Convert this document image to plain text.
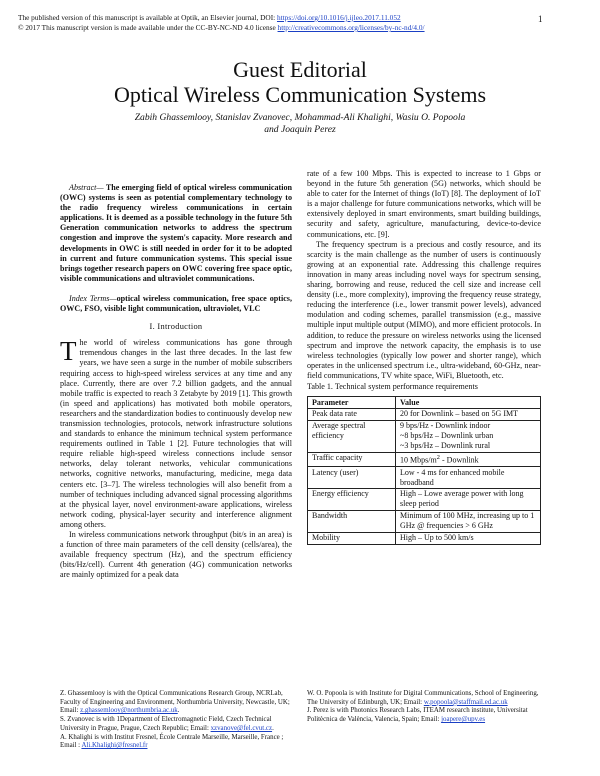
The published version of this manuscript is available at Optik, an Elsevier journal, DOI: https://doi.org/10.1016/j.ijleo.2017.11.052
© 2017 This manuscript version is made available under the CC-BY-NC-ND 4.0 license http://creativecommons.org/licenses/by-nc-nd/4.0/
1
Guest Editorial
Optical Wireless Communication Systems
Zabih Ghassemlooy, Stanislav Zvanovec, Mohammad-Ali Khalighi, Wasiu O. Popoola
and Joaquin Perez

Abstract— The emerging field of optical wireless communication (OWC) systems is seen as potential complementary technology to the radio frequency wireless communications in certain applications. It is deemed as a possible technology in the future 5th Generation communication networks to address the spectrum congestion and improve the system's capacity. More research and developments in OWC is still needed in order for it to be adopted in current and future communication systems. This special issue brings together research papers on OWC covering free space optic, visible communications and ultraviolet communications.

Index Terms—optical wireless communication, free space optics, OWC, FSO, visible light communication, ultraviolet, VLC

I. Introduction

The world of wireless communications has gone through tremendous changes in the last three decades. In the last few years, we have seen a surge in the number of mobile subscribers requiring access to high-speed wireless services at any time and any place. Currently, there are over 7.2 billion gadgets, and the annual mobile traffic is expected to reach 3 Zetabyte by 2019 [1]. This growth (in speed and applications) has motivated both mobile operators, researchers and the standardization bodies to continuously develop new transmission technologies, protocols, network infrastructure solutions and standards to enhance the minimum technical system performance requirements outlined in Table 1 [2]. Future technologies that will require reliable high-speed wireless connections include sensor networks, delay tolerant networks, vehicular communications networks, cognitive networks, manufacturing, medicine, mega data centers etc. [3–7]. The wireless technologies will also benefit from a number of techniques including advanced signal processing algorithms at the physical layer, novel environment-aware applications, wireless network coding, physical-layer security and interference alignment among others.

In wireless communications network throughput (bit/s in an area) is a function of three main parameters of the cell density (cells/area), the available frequency spectrum (Hz), and the spectrum efficiency (bits/Hz/cell). Current 4th generation (4G) communication networks are mainly optimized for a peak data

rate of a few 100 Mbps. This is expected to increase to 1 Gbps or beyond in the future 5th generation (5G) networks, which should be able to cater for the Internet of things (IoT) [8]. The deployment of IoT is a major challenge for future communications networks, which will be extensively deployed in smart environments, smart building buildings, security and safety, agriculture, manufacturing, device-to-device communications, etc. [9].

The frequency spectrum is a precious and costly resource, and its scarcity is the main challenge as the number of users is continuously growing at an exponential rate. Addressing this challenge requires innovation in many areas including novel ways for spectrum sensing, sharing, borrowing and reuse, reduced the cell size and increase cell density (i.e., more complexity), improving the frequency reuse strategy, reducing the interference (i.e., lower transmit power levels), advanced modulation and coding schemes, parallel transmission (e.g., massive multiple input multiple output (MIMO), and more efficient protocols. In addition, to reduce the pressure on wireless networks using the licensed spectrum and improve the network capacity, the emphasis is to use wireless technologies (typically low power and shorter range), which operates in the unlicensed spectrum i.e., ultra-wideband, 60-GHz, near-field communications, TV white space, WiFi, Bluetooth, etc.

Table 1. Technical system performance requirements

Parameter	Value
Peak data rate	20 for Downlink – based on 5G IMT
Average spectral efficiency	9 bps/Hz - Downlink indoor
~8 bps/Hz – Downlink urban
~3 bps/Hz – Downlink rural

Traffic capacity	10 Mbps/$m^2$ - Downlink
Latency (user)	Low - 4 ms for enhanced mobile broadband
Energy efficiency	High – Lowe average power with long sleep period
Bandwidth	Minimum of 100 MHz, increasing up to 1 GHz @ frequencies > 6 GHz
Mobility	High – Up to 500 km/s

Z. Ghassemlooy is with the Optical Communications Research Group, NCRLab, Faculty of Engineering and Environment, Northumbria University, Newcastle, UK; Email: z.ghassemlooy@northumbria.ac.uk.

S. Zvanovec is with 1Department of Electromagnetic Field, Czech Technical University in Prague, Prague, Czech Republic; Email: xzvanove@fel.cvut.cz.

A. Khalighi is with Institut Fresnel, École Centrale Marseille, Marseille, France ; Email : Ali.Khalighi@fresnel.fr

W. O. Popoola is with Institute for Digital Communications, School of Engineering, The University of Edinburgh, UK; Email: w.popoola@staffmail.ed.ac.uk

J. Perez is with Photonics Research Labs, ITEAM research institute, Universitat Politècnica de València, Valencia, Spain; Email: joapere@upv.es
